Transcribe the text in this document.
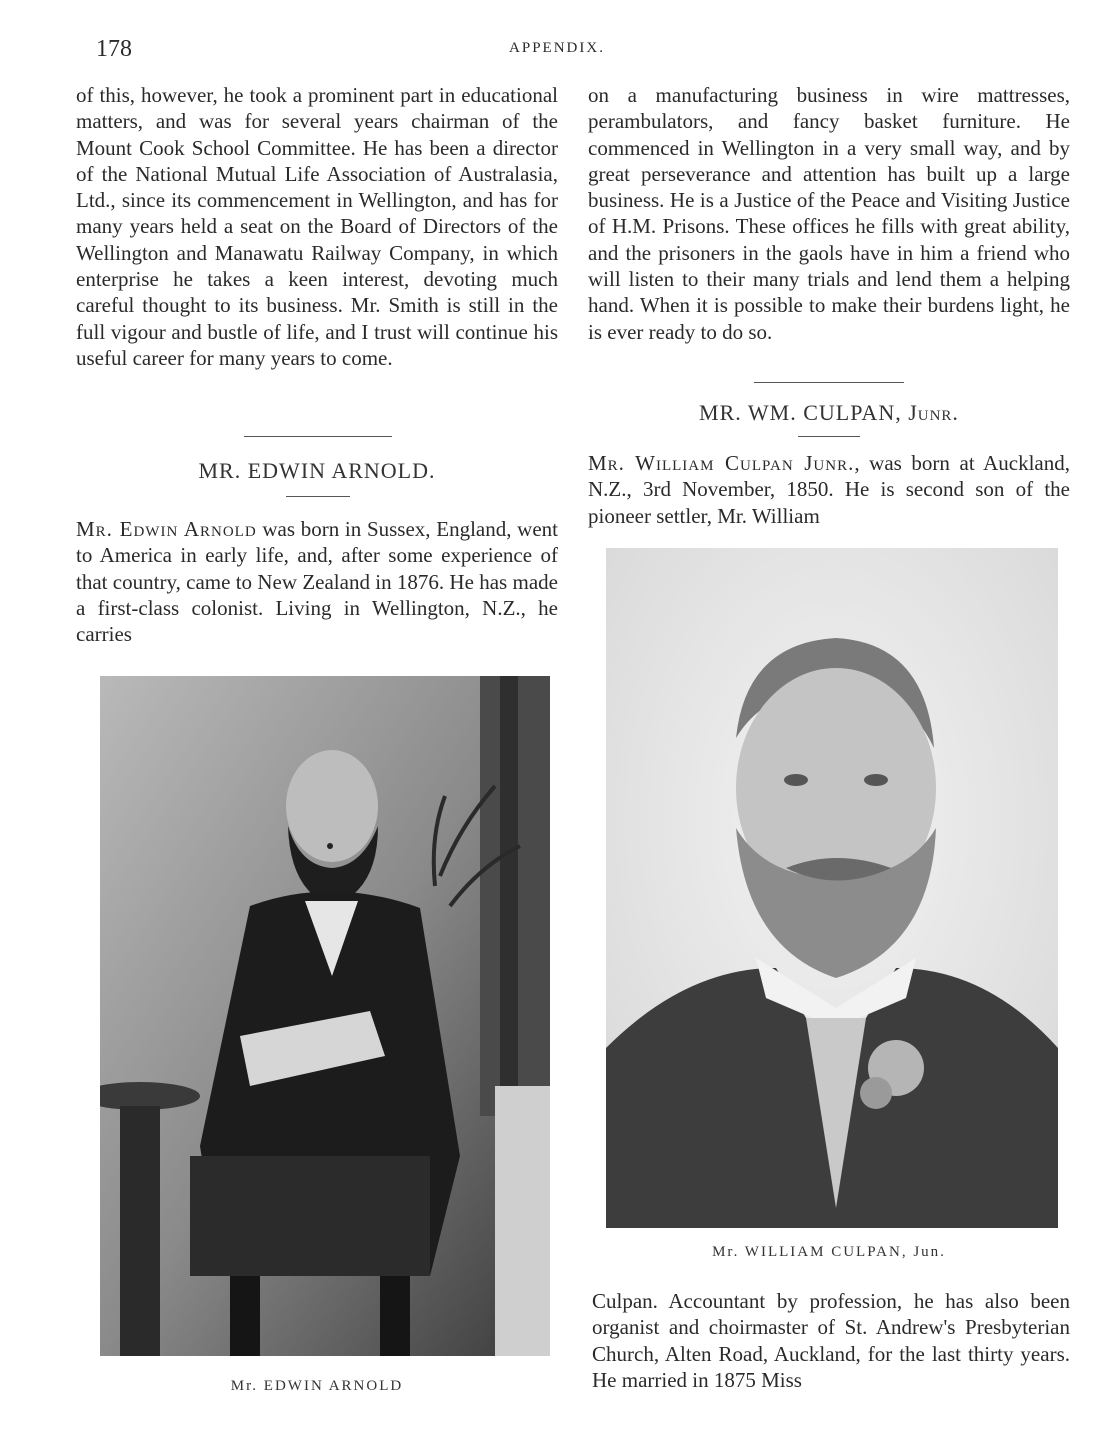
178	APPENDIX.

of this, however, he took a prominent part in educational matters, and was for several years chairman of the Mount Cook School Committee. He has been a director of the National Mutual Life Association of Australasia, Ltd., since its commencement in Wellington, and has for many years held a seat on the Board of Directors of the Wellington and Manawatu Railway Company, in which enterprise he takes a keen interest, devoting much careful thought to its business. Mr. Smith is still in the full vigour and bustle of life, and I trust will continue his useful career for many years to come.

MR. EDWIN ARNOLD.

Mr. Edwin Arnold was born in Sussex, England, went to America in early life, and, after some experience of that country, came to New Zealand in 1876. He has made a first-class colonist. Living in Wellington, N.Z., he carries

Mr. EDWIN ARNOLD

on a manufacturing business in wire mattresses, perambulators, and fancy basket furniture. He commenced in Wellington in a very small way, and by great perseverance and attention has built up a large business. He is a Justice of the Peace and Visiting Justice of H.M. Prisons. These offices he fills with great ability, and the prisoners in the gaols have in him a friend who will listen to their many trials and lend them a helping hand. When it is possible to make their burdens light, he is ever ready to do so.

MR. WM. CULPAN, Junr.

Mr. William Culpan Junr., was born at Auckland, N.Z., 3rd November, 1850. He is second son of the pioneer settler, Mr. William

Mr. WILLIAM CULPAN, Jun.

Culpan. Accountant by profession, he has also been organist and choirmaster of St. Andrew's Presbyterian Church, Alten Road, Auckland, for the last thirty years. He married in 1875 Miss
